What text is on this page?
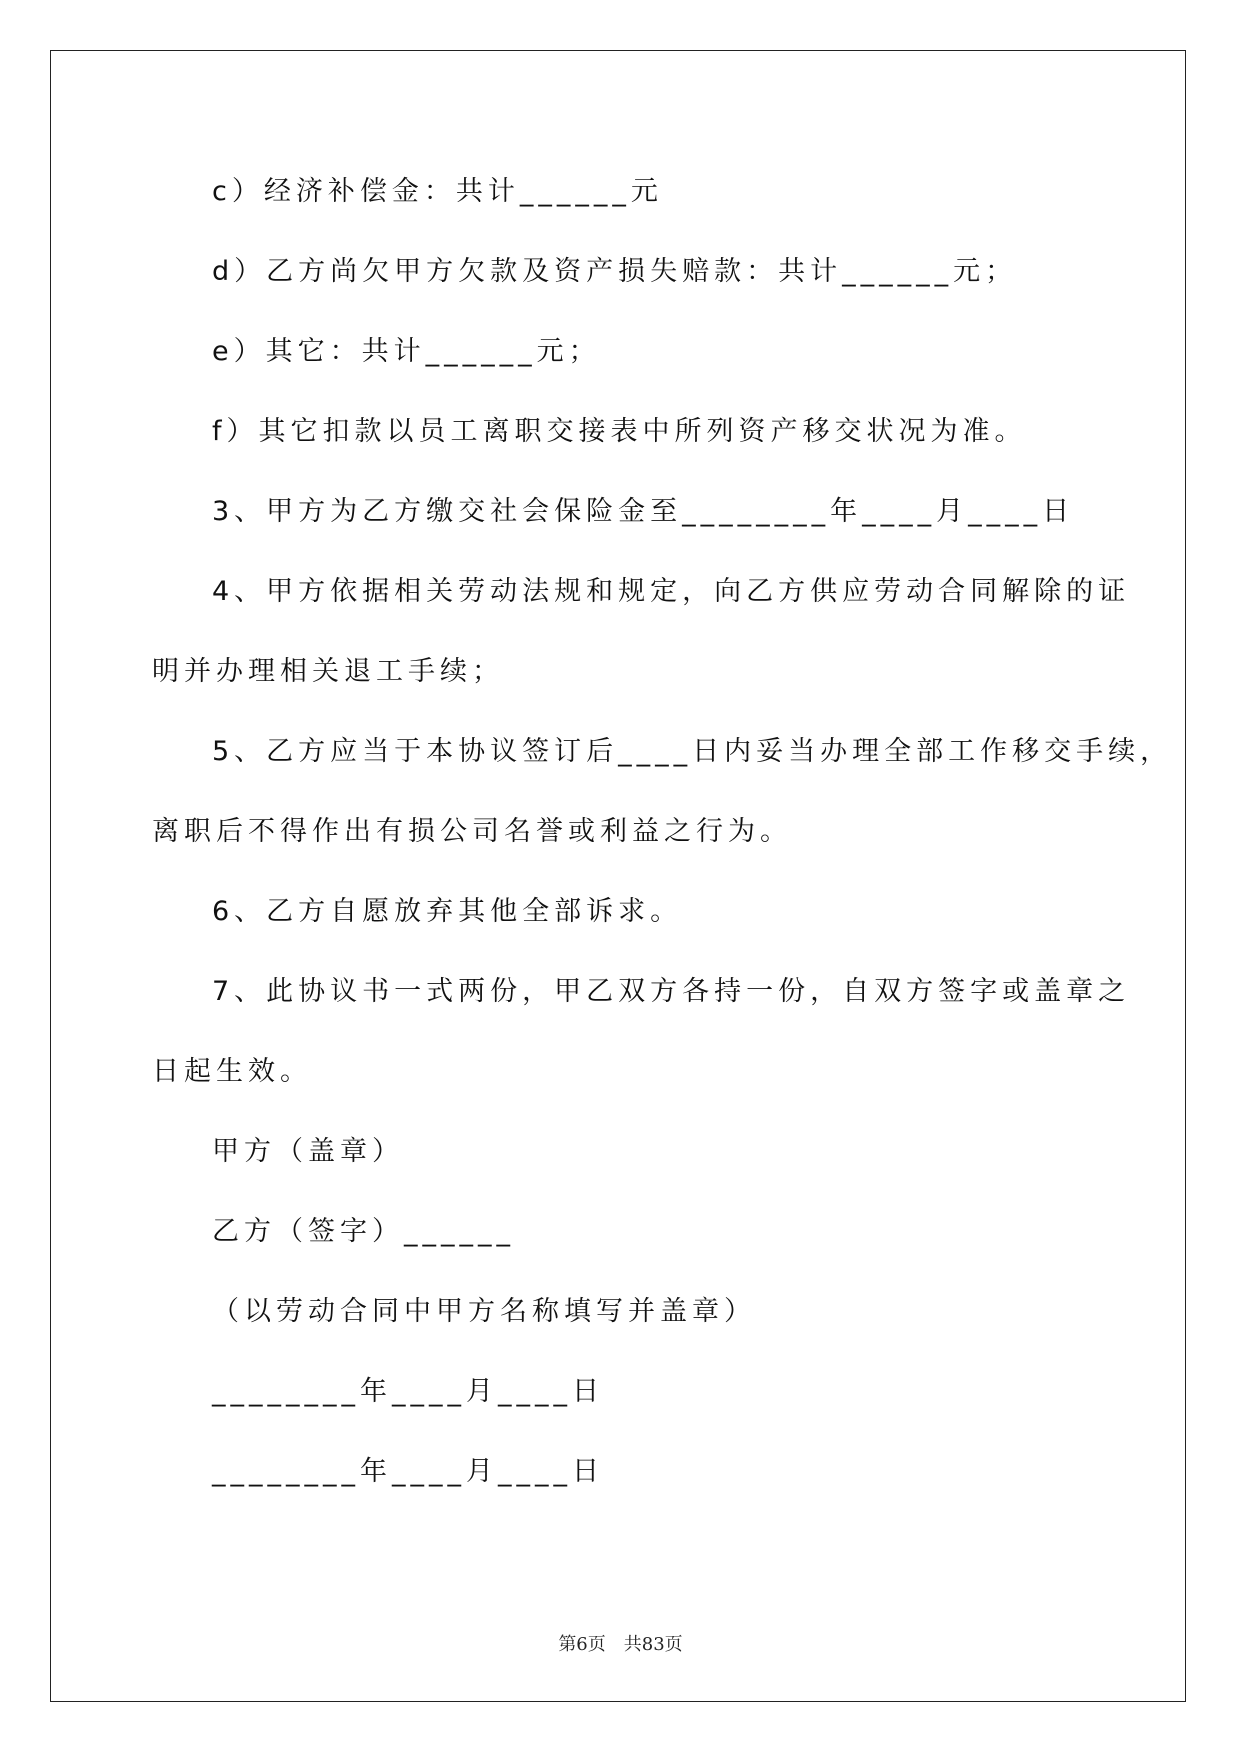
c）经济补偿金：共计______元
d）乙方尚欠甲方欠款及资产损失赔款：共计______元；
e）其它：共计______元；
f）其它扣款以员工离职交接表中所列资产移交状况为准。
3、甲方为乙方缴交社会保险金至________年____月____日
4、甲方依据相关劳动法规和规定，向乙方供应劳动合同解除的证
明并办理相关退工手续；
5、乙方应当于本协议签订后____日内妥当办理全部工作移交手续，
离职后不得作出有损公司名誉或利益之行为。
6、乙方自愿放弃其他全部诉求。
7、此协议书一式两份，甲乙双方各持一份，自双方签字或盖章之
日起生效。
甲方（盖章）
乙方（签字）______
（以劳动合同中甲方名称填写并盖章）
________年____月____日
________年____月____日
第6页　共83页
